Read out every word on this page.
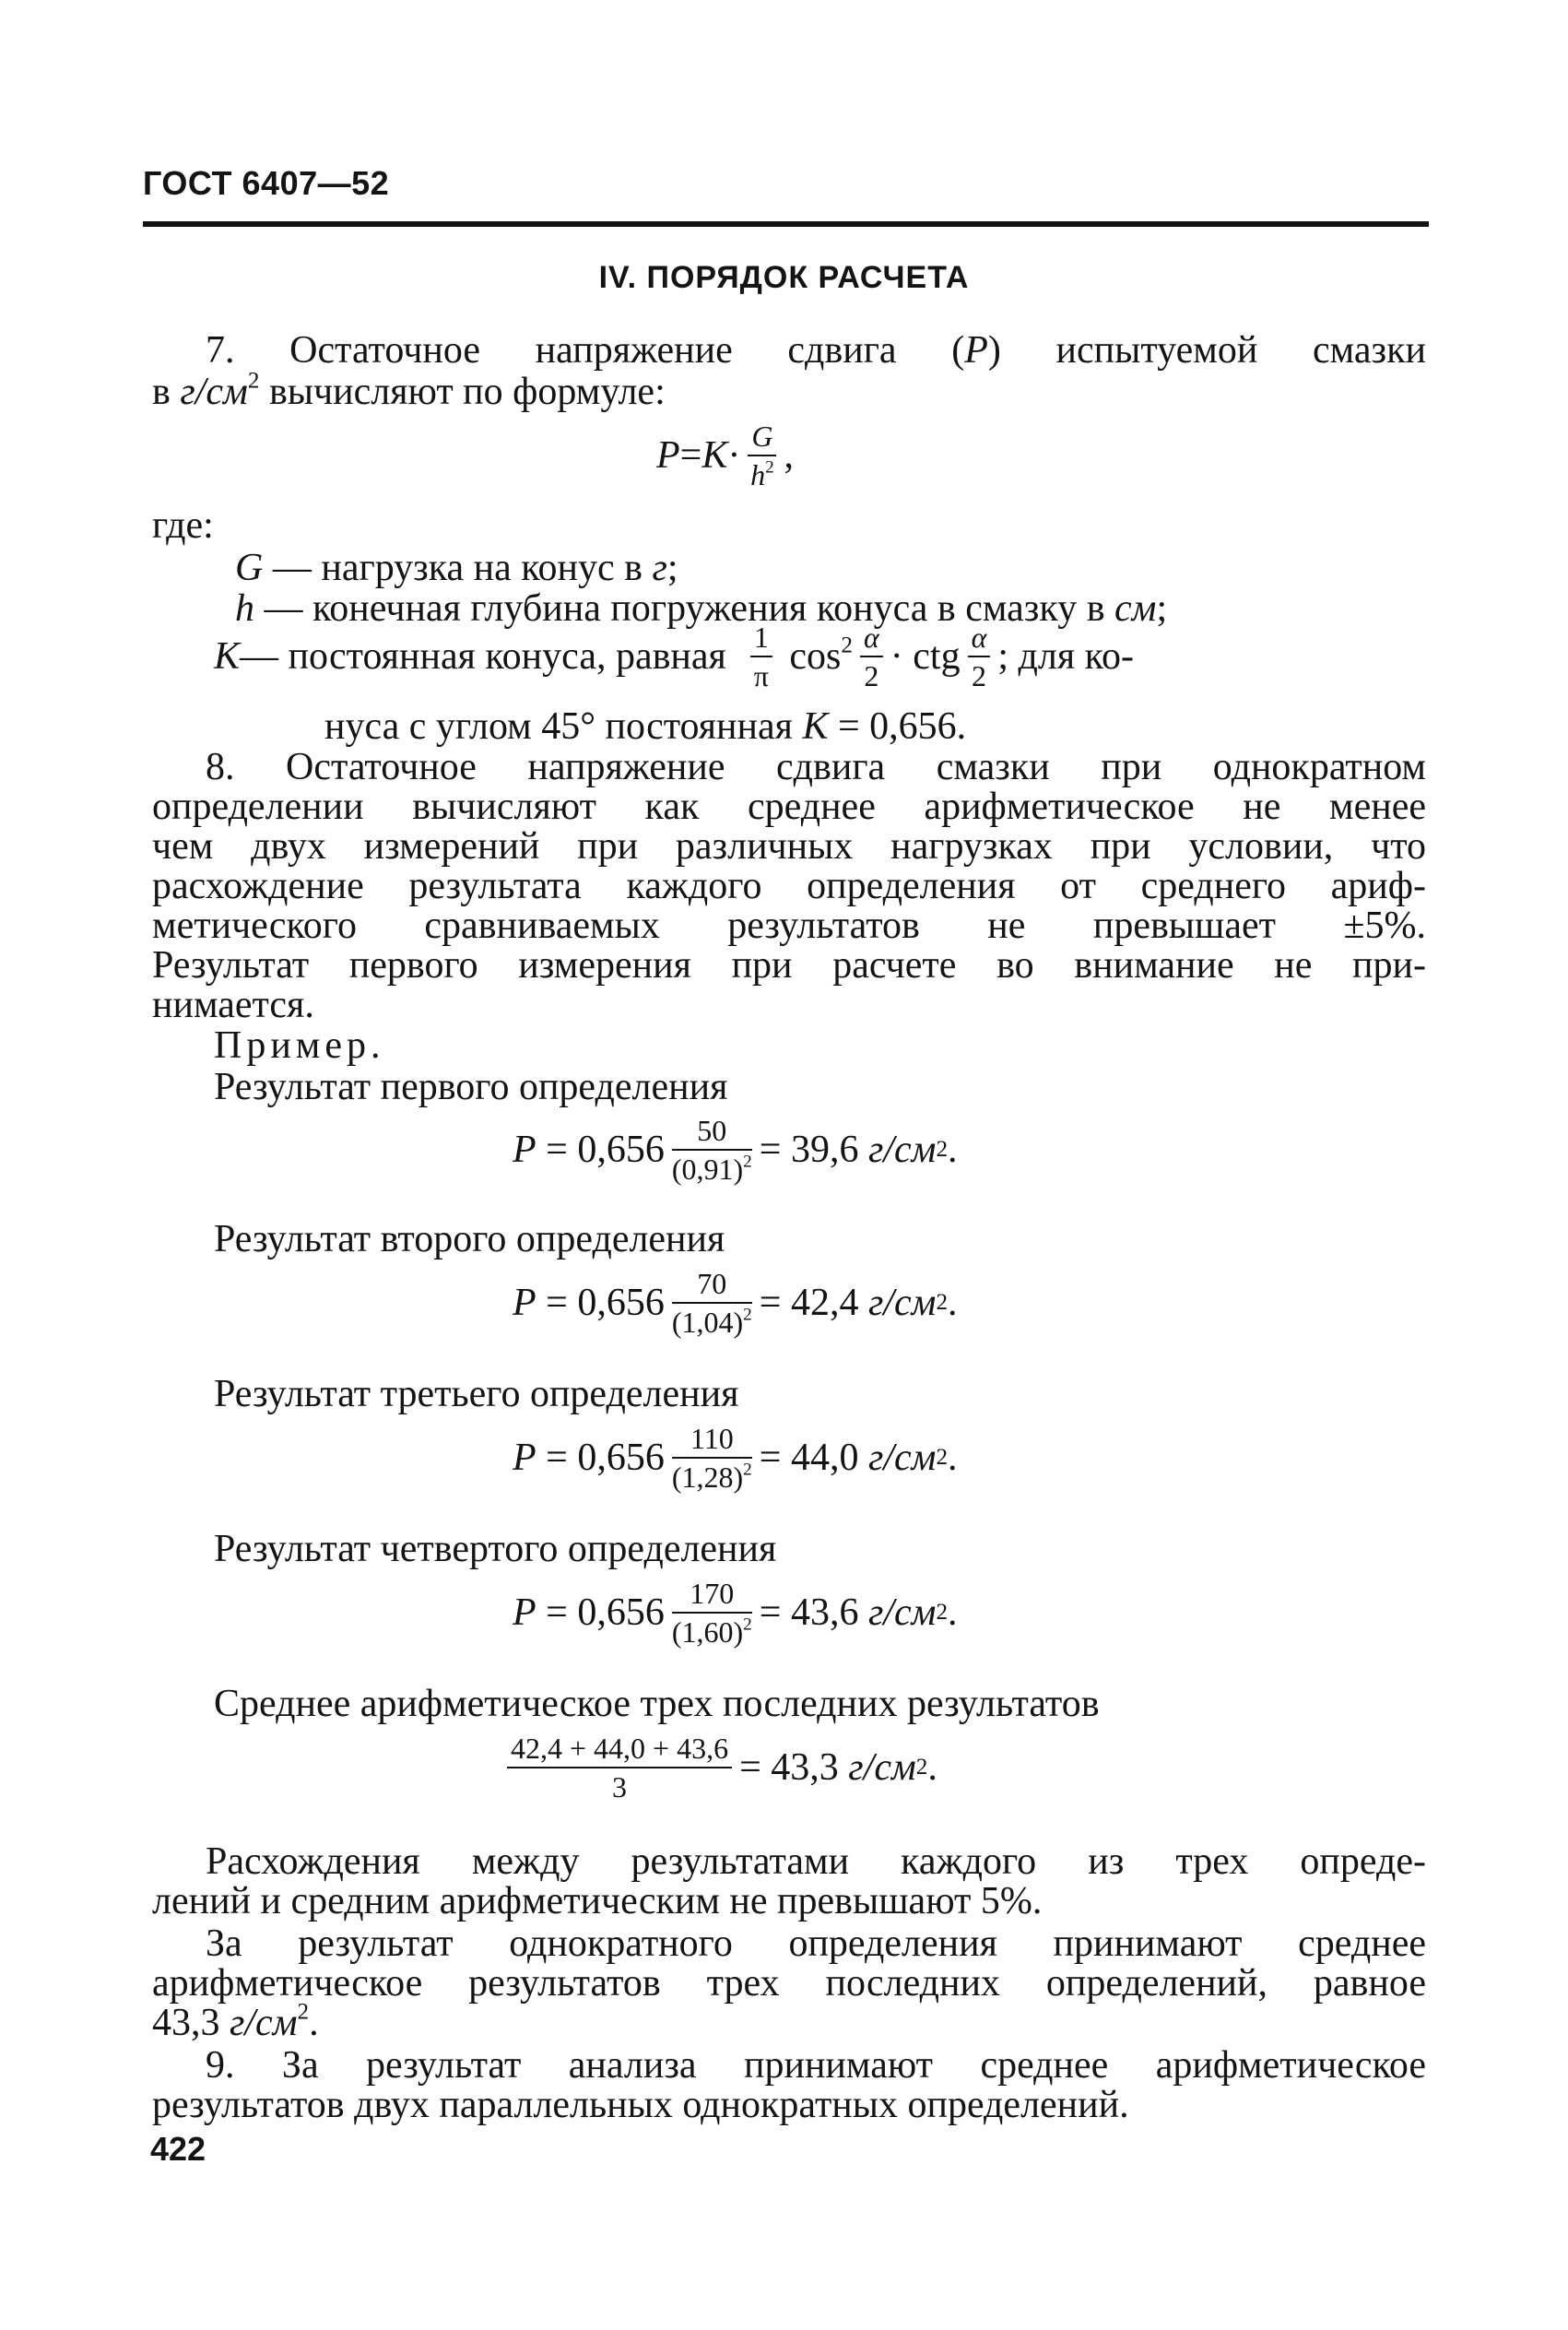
ГОСТ 6407—52
IV. ПОРЯДОК РАСЧЕТА
7. Остаточное напряжение сдвига (P) испытуемой смазки
в $г/см^2$ вычисляют по формуле:
$P = K \cdot \frac{G}{h^2}$ ,
где:
G — нагрузка на конус в г;
h — конечная глубина погружения конуса в смазку в см;
K — постоянная конуса, равная $\frac{1}{\pi} \cos^2 \frac{\alpha}{2}$ · ctg $\frac{\alpha}{2}$ ; для ко-
нуса с углом 45° постоянная K = 0,656.
8. Остаточное напряжение сдвига смазки при однократном
определении вычисляют как среднее арифметическое не менее
чем двух измерений при различных нагрузках при условии, что
расхождение результата каждого определения от среднего ариф-
метического сравниваемых результатов не превышает ±5%.
Результат первого измерения при расчете во внимание не при-
нимается.
Пример.
Результат первого определения
$P = 0,656 \frac{50}{(0,91)^2} = 39,6$
г/см 2 .
Результат второго определения
$P = 0,656 \frac{70}{(1,04)^2} = 42,4$
г/см 2 .
Результат третьего определения
$P = 0,656 \frac{110}{(1,28)^2} = 44,0$
г/см 2 .
Результат четвертого определения
$P = 0,656 \frac{170}{(1,60)^2} = 43,6$
г/см 2 .
Среднее арифметическое трех последних результатов
$\frac{42,4 + 44,0 + 43,6}{3} = 43,3$
г/см 2 .
Расхождения между результатами каждого из трех опреде-
лений и средним арифметическим не превышают 5%.
За результат однократного определения принимают среднее
арифметическое результатов трех последних определений, равное
43,3 $г/см^2$.
9. За результат анализа принимают среднее арифметическое
результатов двух параллельных однократных определений.
422
